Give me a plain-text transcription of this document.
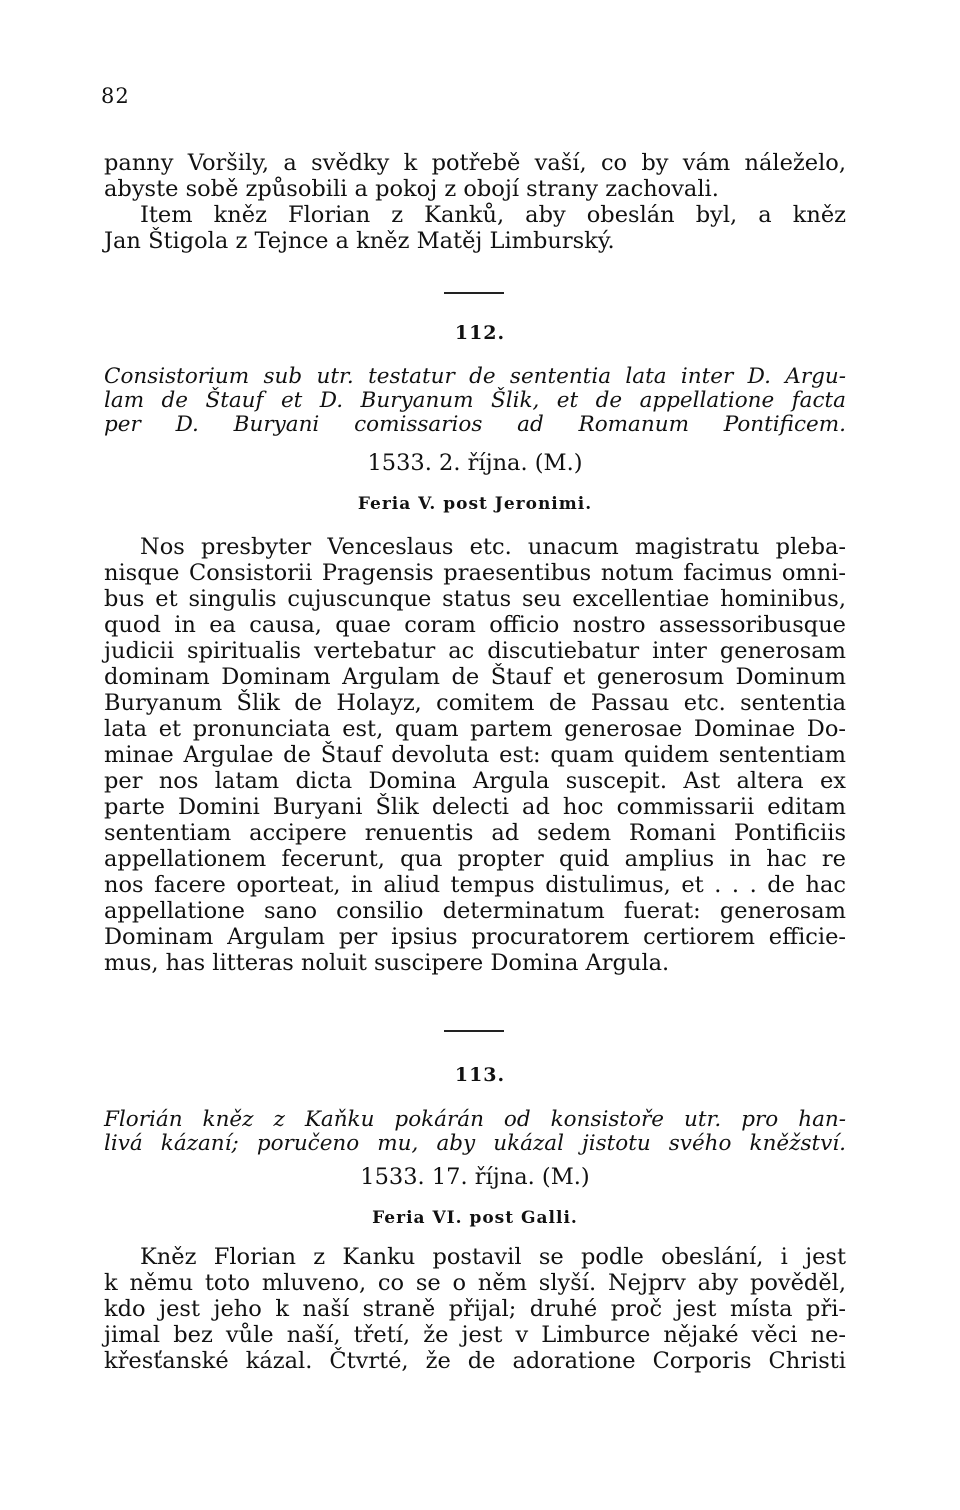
82
panny Voršily, a svědky k potřebě vaší, co by vám náleželo,
abyste sobě způsobili a pokoj z obojí strany zachovali.
Item kněz Florian z Kanků, aby obeslán byl, a kněz
Jan Štigola z Tejnce a kněz Matěj Limburský.
112.
Consistorium sub utr. testatur de sententia lata inter D. Argu-
lam de Štauf et D. Buryanum Šlik, et de appellatione facta
per D. Buryani comissarios ad Romanum Pontificem.
1533. 2. října. (M.)
Feria V. post Jeronimi.
Nos presbyter Venceslaus etc. unacum magistratu pleba-
nisque Consistorii Pragensis praesentibus notum facimus omni-
bus et singulis cujuscunque status seu excellentiae hominibus,
quod in ea causa, quae coram officio nostro assessoribusque
judicii spiritualis vertebatur ac discutiebatur inter generosam
dominam Dominam Argulam de Štauf et generosum Dominum
Buryanum Šlik de Holayz, comitem de Passau etc. sententia
lata et pronunciata est, quam partem generosae Dominae Do-
minae Argulae de Štauf devoluta est: quam quidem sententiam
per nos latam dicta Domina Argula suscepit. Ast altera ex
parte Domini Buryani Šlik delecti ad hoc commissarii editam
sententiam accipere renuentis ad sedem Romani Pontificiis
appellationem fecerunt, qua propter quid amplius in hac re
nos facere oporteat, in aliud tempus distulimus, et . . . de hac
appellatione sano consilio determinatum fuerat: generosam
Dominam Argulam per ipsius procuratorem certiorem efficie-
mus, has litteras noluit suscipere Domina Argula.
113.
Florián kněz z Kaňku pokárán od konsistoře utr. pro han-
livá kázaní; poručeno mu, aby ukázal jistotu svého kněžství.
1533. 17. října. (M.)
Feria VI. post Galli.
Kněz Florian z Kanku postavil se podle obeslání, i jest
k němu toto mluveno, co se o něm slyší. Nejprv aby pověděl,
kdo jest jeho k naší straně přijal; druhé proč jest místa při-
jimal bez vůle naší, třetí, že jest v Limburce nějaké věci ne-
křesťanské kázal. Čtvrté, že de adoratione Corporis Christi
